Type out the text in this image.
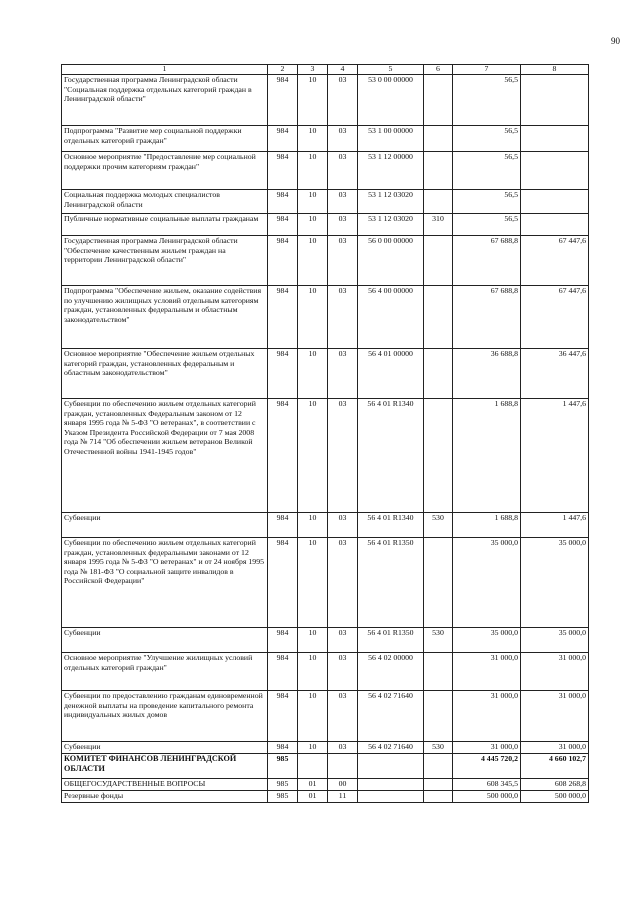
90
1	2	3	4	5	6	7	8
Государственная программа Ленинградской области "Социальная поддержка отдельных категорий граждан в Ленинградской области"	984	10	03	53 0 00 00000		56,5	
Подпрограмма "Развитие мер социальной поддержки отдельных категорий граждан"	984	10	03	53 1 00 00000		56,5	
Основное мероприятие "Предоставление мер социальной поддержки прочим категориям граждан"	984	10	03	53 1 12 00000		56,5	
Социальная поддержка молодых специалистов Ленинградской области	984	10	03	53 1 12 03020		56,5	
Публичные нормативные социальные выплаты гражданам	984	10	03	53 1 12 03020	310	56,5	
Государственная программа Ленинградской области "Обеспечение качественным жильем граждан на территории Ленинградской области"	984	10	03	56 0 00 00000		67 688,8	67 447,6
Подпрограмма "Обеспечение жильем, оказание содействия по улучшению жилищных условий отдельным категориям граждан, установленных федеральным и областным законодательством"	984	10	03	56 4 00 00000		67 688,8	67 447,6
Основное мероприятие "Обеспечение жильем отдельных категорий граждан, установленных федеральным и областным законодательством"	984	10	03	56 4 01 00000		36 688,8	36 447,6
Субвенции по обеспечению жильем отдельных категорий граждан, установленных Федеральным законом от 12 января 1995 года № 5-ФЗ "О ветеранах", в соответствии с Указом Президента Российской Федерации от 7 мая 2008 года № 714 "Об обеспечении жильем ветеранов Великой Отечественной войны 1941-1945 годов"	984	10	03	56 4 01 R1340		1 688,8	1 447,6
Субвенции	984	10	03	56 4 01 R1340	530	1 688,8	1 447,6
Субвенции по обеспечению жильем отдельных категорий граждан, установленных федеральными законами от 12 января 1995 года № 5-ФЗ "О ветеранах" и от 24 ноября 1995 года № 181-ФЗ "О социальной защите инвалидов в Российской Федерации"	984	10	03	56 4 01 R1350		35 000,0	35 000,0
Субвенции	984	10	03	56 4 01 R1350	530	35 000,0	35 000,0
Основное мероприятие "Улучшение жилищных условий отдельных категорий граждан"	984	10	03	56 4 02 00000		31 000,0	31 000,0
Субвенции по предоставлению гражданам единовременной денежной выплаты на проведение капитального ремонта индивидуальных жилых домов	984	10	03	56 4 02 71640		31 000,0	31 000,0
Субвенции	984	10	03	56 4 02 71640	530	31 000,0	31 000,0
КОМИТЕТ ФИНАНСОВ ЛЕНИНГРАДСКОЙ ОБЛАСТИ	985					4 445 720,2	4 660 102,7
ОБЩЕГОСУДАРСТВЕННЫЕ ВОПРОСЫ	985	01	00			608 345,5	608 268,8
Резервные фонды	985	01	11			500 000,0	500 000,0
